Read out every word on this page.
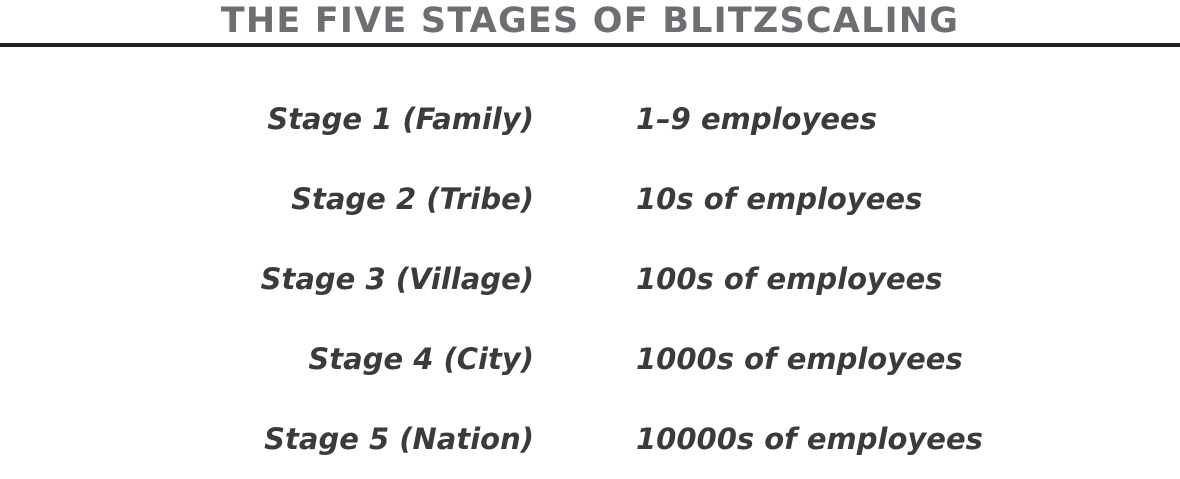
THE FIVE STAGES OF BLITZSCALING
Stage 1 (Family)	1–9 employees
Stage 2 (Tribe)	10s of employees
Stage 3 (Village)	100s of employees
Stage 4 (City)	1000s of employees
Stage 5 (Nation)	10000s of employees
